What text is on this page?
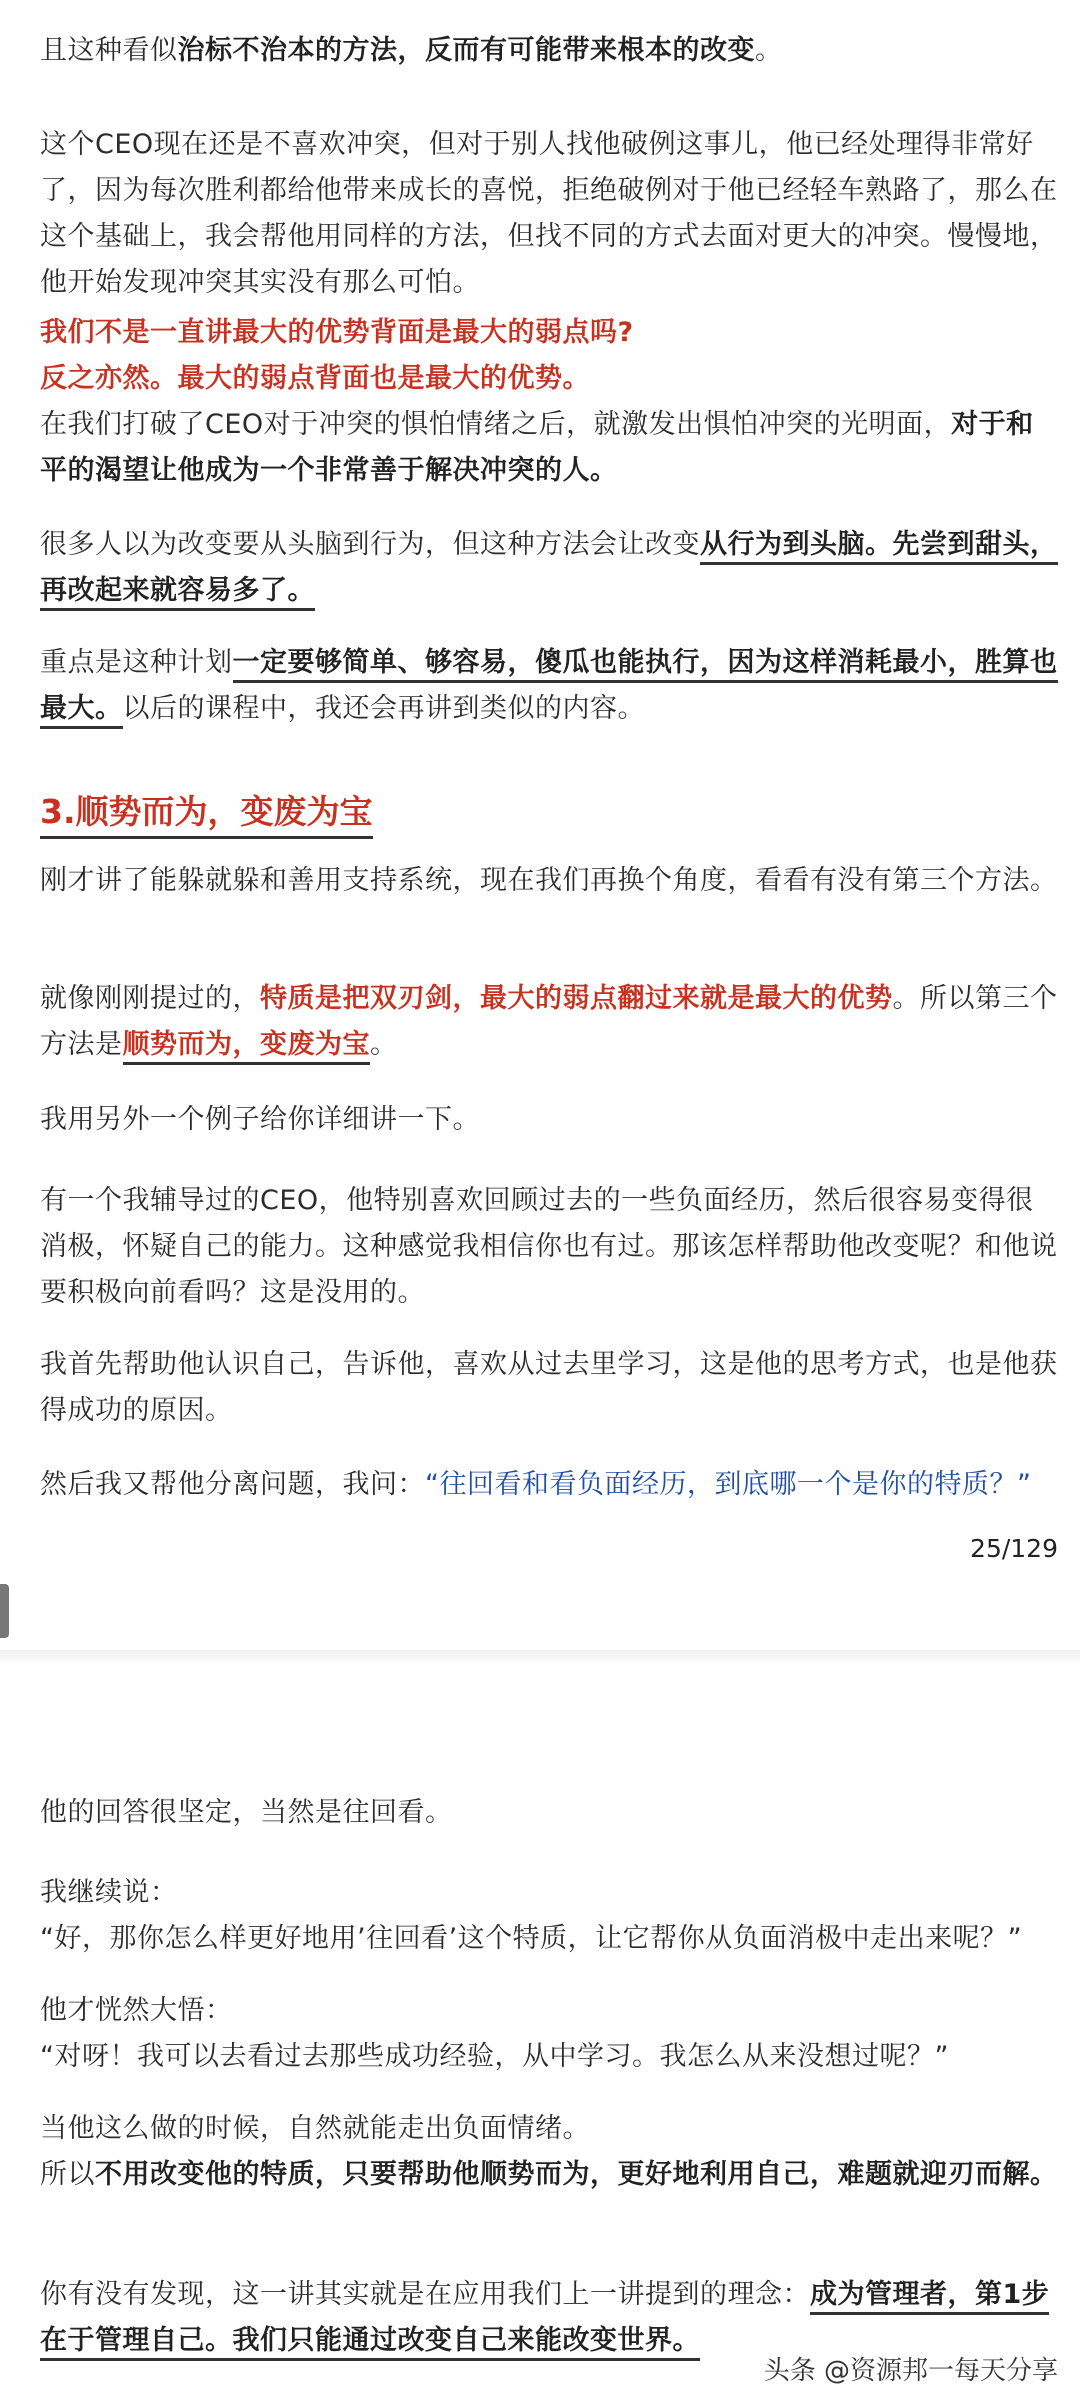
且这种看似治标不治本的方法，反而有可能带来根本的改变。

这个CEO现在还是不喜欢冲突，但对于别人找他破例这事儿，他已经处理得非常好了，因为每次胜利都给他带来成长的喜悦，拒绝破例对于他已经轻车熟路了，那么在这个基础上，我会帮他用同样的方法，但找不同的方式去面对更大的冲突。慢慢地，他开始发现冲突其实没有那么可怕。

我们不是一直讲最大的优势背面是最大的弱点吗?
反之亦然。最大的弱点背面也是最大的优势。
在我们打破了CEO对于冲突的惧怕情绪之后，就激发出惧怕冲突的光明面，对于和平的渴望让他成为一个非常善于解决冲突的人。

很多人以为改变要从头脑到行为，但这种方法会让改变从行为到头脑。先尝到甜头，再改起来就容易多了。

重点是这种计划一定要够简单、够容易，傻瓜也能执行，因为这样消耗最小，胜算也最大。以后的课程中，我还会再讲到类似的内容。

3.顺势而为，变废为宝

刚才讲了能躲就躲和善用支持系统，现在我们再换个角度，看看有没有第三个方法。

就像刚刚提过的，特质是把双刃剑，最大的弱点翻过来就是最大的优势。所以第三个方法是顺势而为，变废为宝。

我用另外一个例子给你详细讲一下。

有一个我辅导过的CEO，他特别喜欢回顾过去的一些负面经历，然后很容易变得很消极，怀疑自己的能力。这种感觉我相信你也有过。那该怎样帮助他改变呢？和他说要积极向前看吗？这是没用的。

我首先帮助他认识自己，告诉他，喜欢从过去里学习，这是他的思考方式，也是他获得成功的原因。

然后我又帮他分离问题，我问：“往回看和看负面经历，到底哪一个是你的特质？”

25/129

他的回答很坚定，当然是往回看。

我继续说：
“好，那你怎么样更好地用’往回看’这个特质，让它帮你从负面消极中走出来呢？”

他才恍然大悟：
“对呀！我可以去看过去那些成功经验，从中学习。我怎么从来没想过呢？”

当他这么做的时候，自然就能走出负面情绪。
所以不用改变他的特质，只要帮助他顺势而为，更好地利用自己，难题就迎刃而解。

你有没有发现，这一讲其实就是在应用我们上一讲提到的理念：成为管理者，第1步在于管理自己。我们只能通过改变自己来能改变世界。

头条 @资源邦一每天分享
